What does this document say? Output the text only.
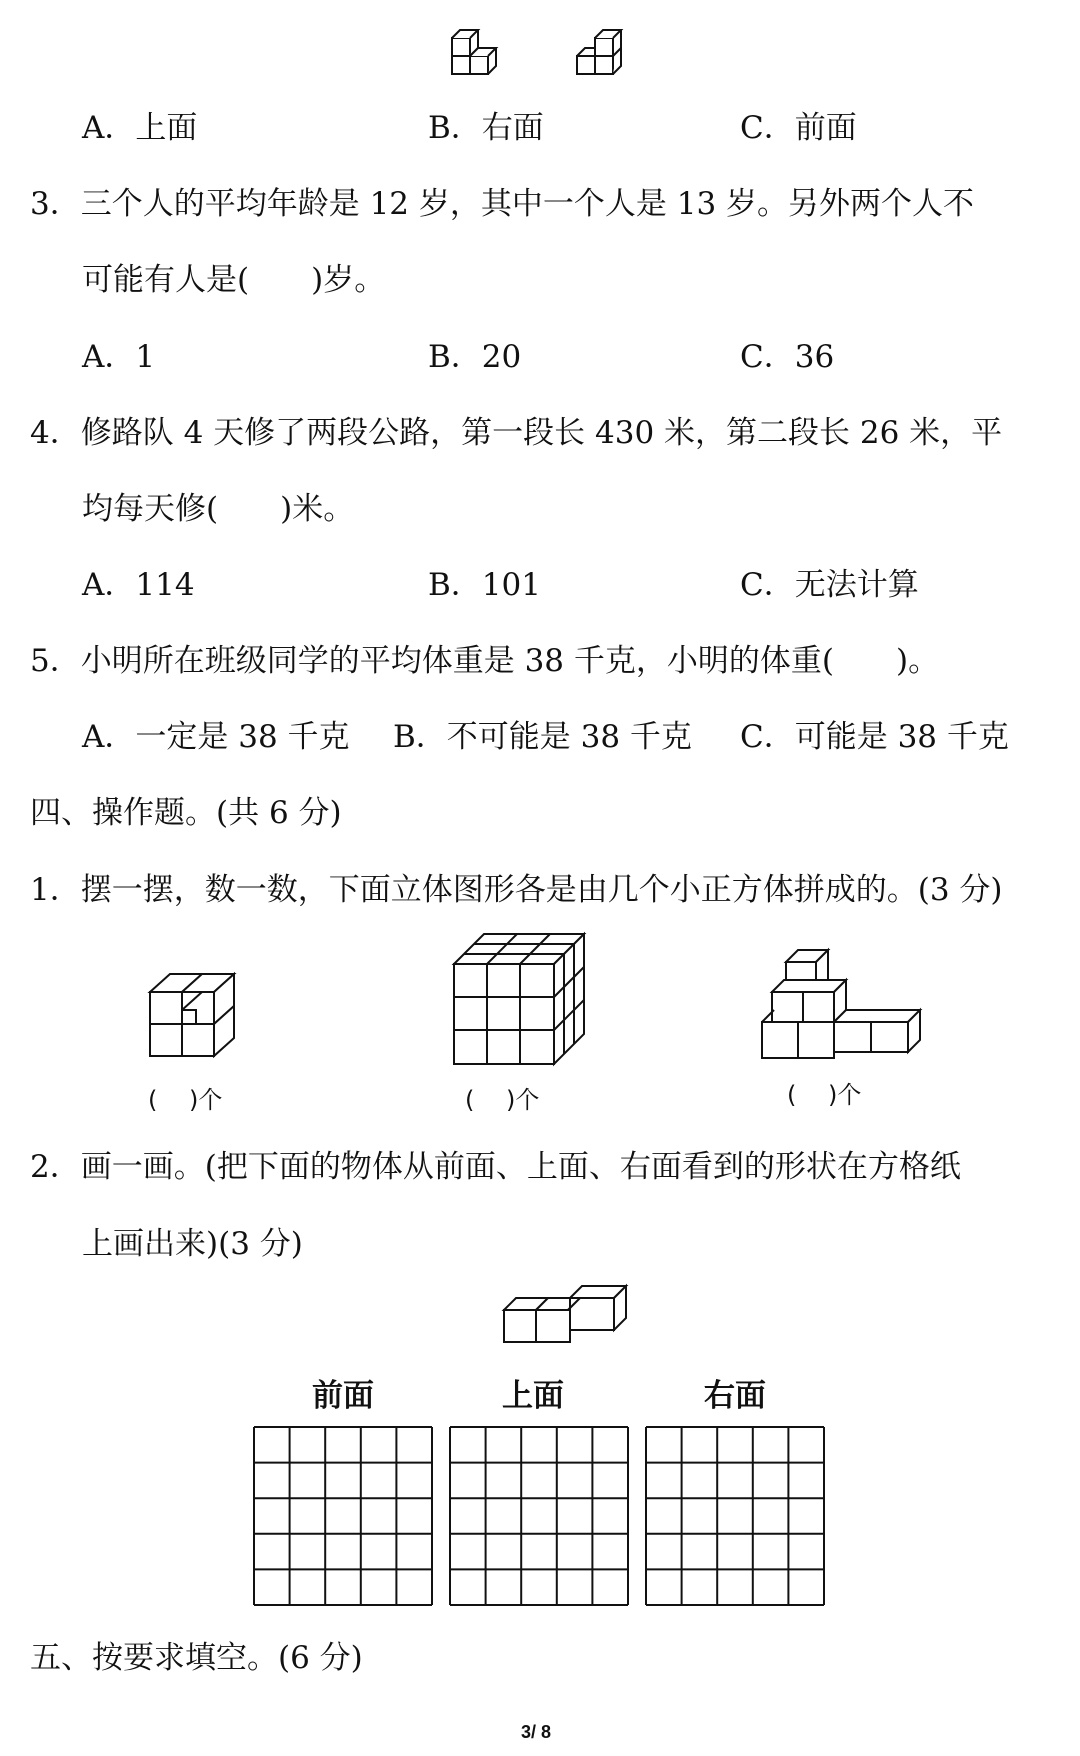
A．上面	B．右面	C．前面
3．三个人的平均年龄是 12 岁，其中一个人是 13 岁。另外两个人不
可能有人是(　　)岁。
A．1	B．20	C．36
4．修路队 4 天修了两段公路，第一段长 430 米，第二段长 26 米，平
均每天修(　　)米。
A．114	B．101	C．无法计算
5．小明所在班级同学的平均体重是 38 千克，小明的体重(　　)。
A．一定是 38 千克 B．不可能是 38 千克 C．可能是 38 千克
四、操作题。(共 6 分)
1．摆一摆，数一数，下面立体图形各是由几个小正方体拼成的。(3 分)
(　 )个	(　 )个	(　 )个
2．画一画。(把下面的物体从前面、上面、右面看到的形状在方格纸
上画出来)(3 分)
前面	上面	右面
五、按要求填空。(6 分)
3/ 8
